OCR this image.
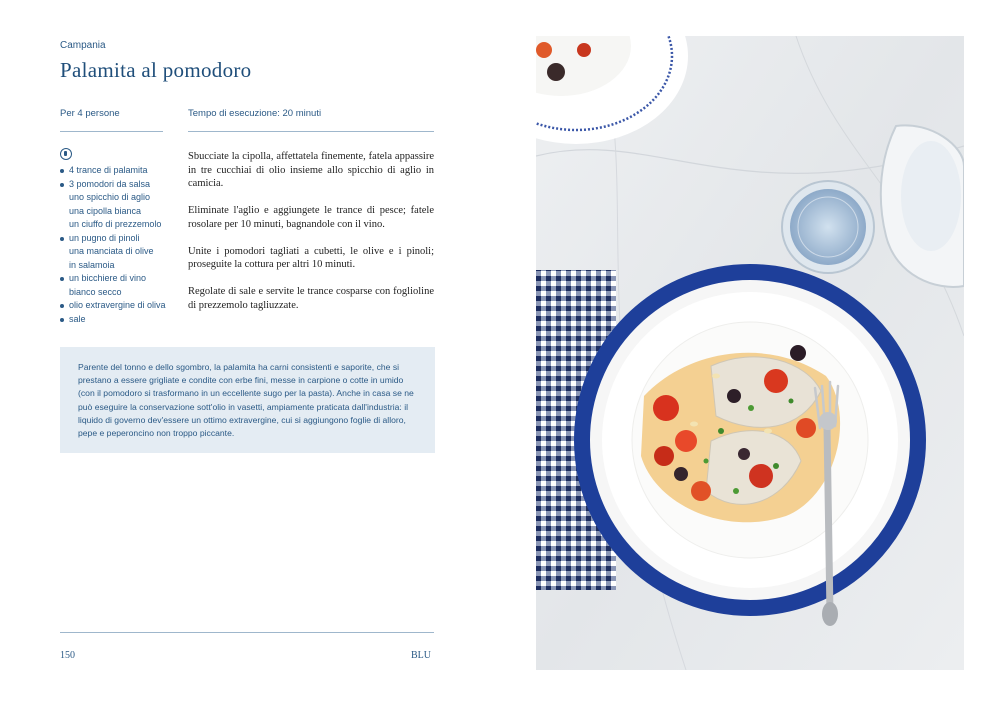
Campania
Palamita al pomodoro
Per 4 persone	Tempo di esecuzione: 20 minuti
4 trance di palamita
3 pomodori da salsa
uno spicchio di aglio
una cipolla bianca
un ciuffo di prezzemolo
un pugno di pinoli
una manciata di olive
in salamoia
un bicchiere di vino
bianco secco
olio extravergine di oliva
sale

Sbucciate la cipolla, affettatela finemente, fatela appassire in tre cucchiai di olio insieme allo spicchio di aglio in camicia.

Eliminate l'aglio e aggiungete le trance di pesce; fatele rosolare per 10 minuti, bagnandole con il vino.

Unite i pomodori tagliati a cubetti, le olive e i pinoli; proseguite la cottura per altri 10 minuti.

Regolate di sale e servite le trance cosparse con foglioline di prezzemolo tagliuzzate.

Parente del tonno e dello sgombro, la palamita ha carni consistenti e saporite, che si prestano a essere grigliate e condite con erbe fini, messe in carpione o cotte in umido (con il pomodoro si trasformano in un eccellente sugo per la pasta). Anche in casa se ne può eseguire la conservazione sott'olio in vasetti, ampiamente praticata dall'industria: il liquido di governo dev'essere un ottimo extravergine, cui si aggiungono foglie di alloro, pepe e peperoncino non troppo piccante.

150	BLU
